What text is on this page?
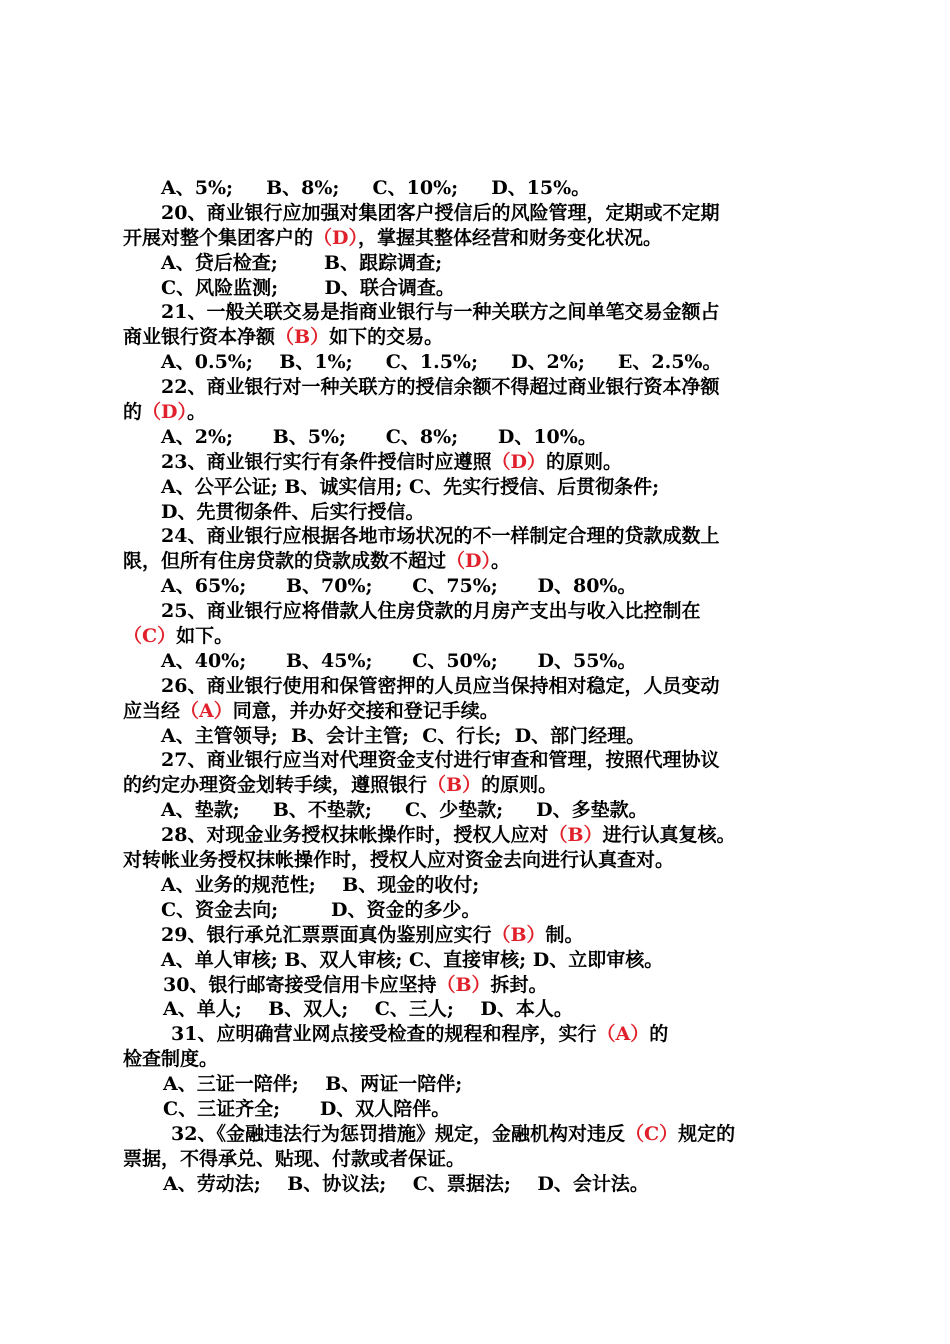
A、5%;     B、8%;     C、10%;     D、15%。
20、商业银行应加强对集团客户授信后的风险管理，定期或不定期
开展对整个集团客户的（D），掌握其整体经营和财务变化状况。
A、贷后检查;       B、跟踪调查;
C、风险监测;       D、联合调查。
21、一般关联交易是指商业银行与一种关联方之间单笔交易金额占
商业银行资本净额（B）如下的交易。
A、0.5%;    B、1%;     C、1.5%;     D、2%;     E、2.5%。
22、商业银行对一种关联方的授信余额不得超过商业银行资本净额
的（D）。
A、2%;      B、5%;      C、8%;      D、10%。
23、商业银行实行有条件授信时应遵照（D）的原则。
A、公平公证; B、诚实信用; C、先实行授信、后贯彻条件;
D、先贯彻条件、后实行授信。
24、商业银行应根据各地市场状况的不一样制定合理的贷款成数上
限，但所有住房贷款的贷款成数不超过（D）。
A、65%;      B、70%;      C、75%;      D、80%。
25、商业银行应将借款人住房贷款的月房产支出与收入比控制在
（C）如下。
A、40%;      B、45%;      C、50%;      D、55%。
26、商业银行使用和保管密押的人员应当保持相对稳定，人员变动
应当经（A）同意，并办好交接和登记手续。
A、主管领导;  B、会计主管;  C、行长;  D、部门经理。
27、商业银行应当对代理资金支付进行审查和管理，按照代理协议
的约定办理资金划转手续，遵照银行（B）的原则。
A、垫款;     B、不垫款;     C、少垫款;     D、多垫款。
28、对现金业务授权抹帐操作时，授权人应对（B）进行认真复核。
对转帐业务授权抹帐操作时，授权人应对资金去向进行认真查对。
A、业务的规范性;    B、现金的收付;
C、资金去向;        D、资金的多少。
29、银行承兑汇票票面真伪鉴别应实行（B）制。
A、单人审核; B、双人审核; C、直接审核; D、立即审核。
30、银行邮寄接受信用卡应坚持（B）拆封。
A、单人;    B、双人;    C、三人;    D、本人。
31、应明确营业网点接受检查的规程和程序，实行（A）的
检查制度。
A、三证一陪伴;    B、两证一陪伴;
C、三证齐全;      D、双人陪伴。
32、《金融违法行为惩罚措施》规定，金融机构对违反（C）规定的
票据，不得承兑、贴现、付款或者保证。
A、劳动法;    B、协议法;    C、票据法;    D、会计法。
